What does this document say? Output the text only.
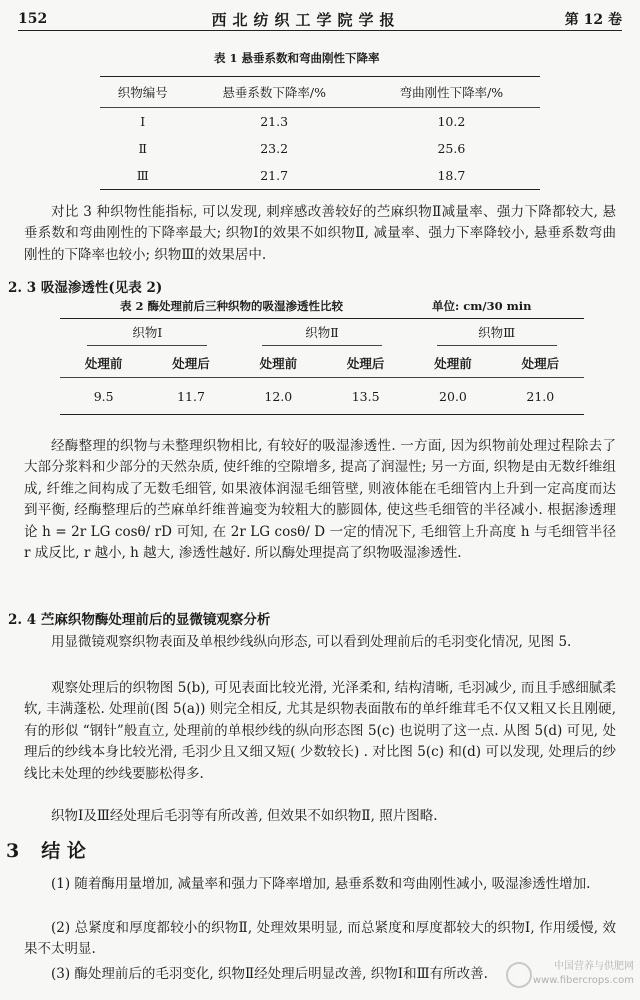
152	西北纺织工学院学报	第 12 卷
表 1 悬垂系数和弯曲刚性下降率
织物编号	悬垂系数下降率/%	弯曲刚性下降率/%
Ⅰ	21.3	10.2
Ⅱ	23.2	25.6
Ⅲ	21.7	18.7

对比 3 种织物性能指标, 可以发现, 刺痒感改善较好的苎麻织物Ⅱ减量率、强力下降都较大, 悬垂系数和弯曲刚性的下降率最大; 织物Ⅰ的效果不如织物Ⅱ, 减量率、强力下率降较小, 悬垂系数弯曲刚性的下降率也较小; 织物Ⅲ的效果居中.

2. 3 吸湿渗透性(见表 2)
表 2 酶处理前后三种织物的吸湿渗透性比较	单位: cm/30 min
织物Ⅰ		织物Ⅱ		织物Ⅲ	
处理前	处理后	处理前	处理后	处理前	处理后
9.5	11.7	12.0	13.5	20.0	21.0

经酶整理的织物与未整理织物相比, 有较好的吸湿渗透性. 一方面, 因为织物前处理过程除去了大部分浆料和少部分的天然杂质, 使纤维的空隙增多, 提高了润湿性; 另一方面, 织物是由无数纤维组成, 纤维之间构成了无数毛细管, 如果液体润湿毛细管壁, 则液体能在毛细管内上升到一定高度而达到平衡, 经酶整理后的苎麻单纤维普遍变为较粗大的膨圆体, 使这些毛细管的半径减小. 根据渗透理论 h = 2r LG cosθ/ rD 可知, 在 2r LG cosθ/ D 一定的情况下, 毛细管上升高度 h 与毛细管半径 r 成反比, r 越小, h 越大, 渗透性越好. 所以酶处理提高了织物吸湿渗透性.

2. 4 苎麻织物酶处理前后的显微镜观察分析

用显微镜观察织物表面及单根纱线纵向形态, 可以看到处理前后的毛羽变化情况, 见图 5.

观察处理后的织物图 5(b), 可见表面比较光滑, 光泽柔和, 结构清晰, 毛羽减少, 而且手感细腻柔软, 丰满蓬松. 处理前(图 5(a)) 则完全相反, 尤其是织物表面散布的单纤维茸毛不仅又粗又长且刚硬, 有的形似 “钢针”般直立, 处理前的单根纱线的纵向形态图 5(c) 也说明了这一点. 从图 5(d) 可见, 处理后的纱线本身比较光滑, 毛羽少且又细又短( 少数较长) . 对比图 5(c) 和(d) 可以发现, 处理后的纱线比未处理的纱线要膨松得多.

织物Ⅰ及Ⅲ经处理后毛羽等有所改善, 但效果不如织物Ⅱ, 照片图略.

3 结 论

(1) 随着酶用量增加, 减量率和强力下降率增加, 悬垂系数和弯曲刚性减小, 吸湿渗透性增加.

(2) 总紧度和厚度都较小的织物Ⅱ, 处理效果明显, 而总紧度和厚度都较大的织物Ⅰ, 作用缓慢, 效果不太明显.

(3) 酶处理前后的毛羽变化, 织物Ⅱ经处理后明显改善, 织物Ⅰ和Ⅲ有所改善.	中国营养与供肥网
www.fibercrops.com
